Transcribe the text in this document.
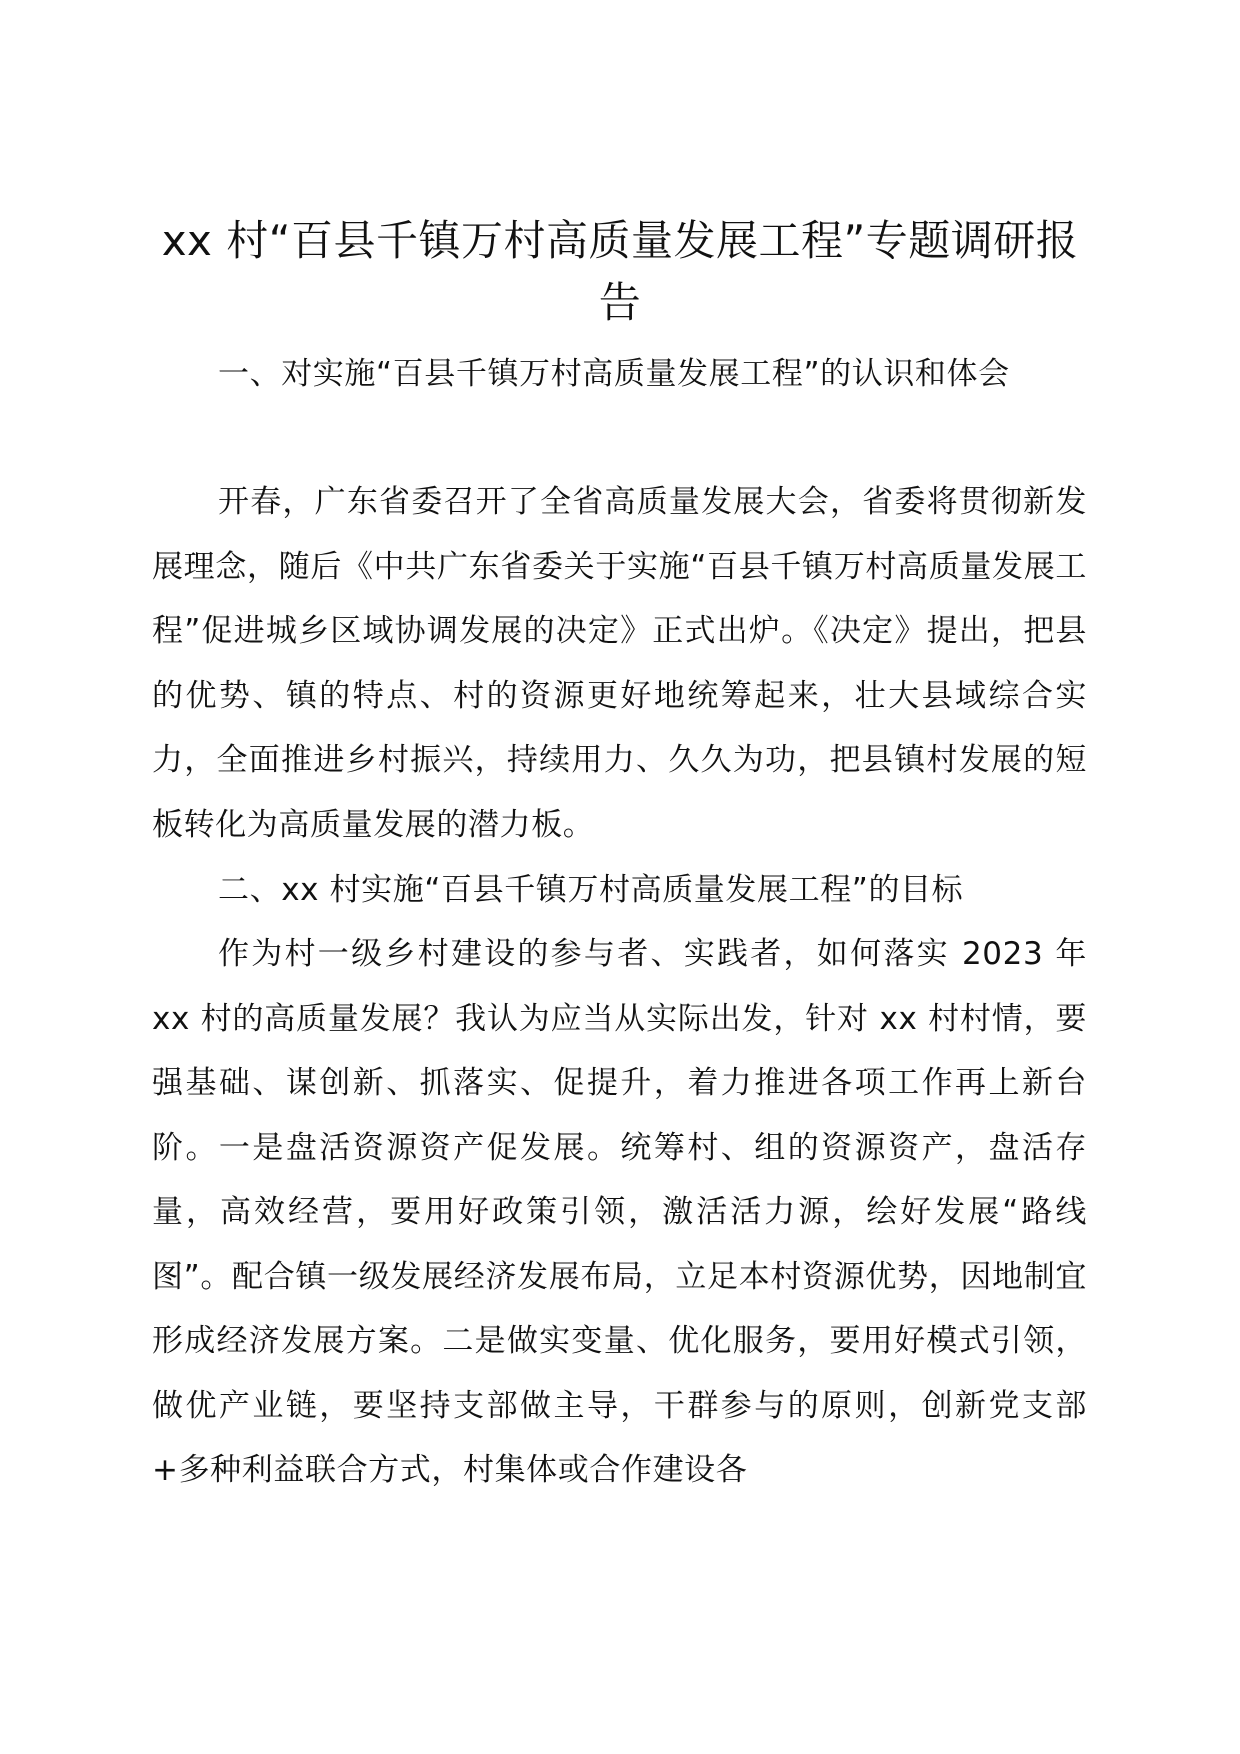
xx 村“百县千镇万村高质量发展工程”专题调研报告
一、对实施“百县千镇万村高质量发展工程”的认识和体会
开春，广东省委召开了全省高质量发展大会，省委将贯彻新发展理念，随后《中共广东省委关于实施“百县千镇万村高质量发展工程”促进城乡区域协调发展的决定》正式出炉。《决定》提出，把县的优势、镇的特点、村的资源更好地统筹起来，壮大县域综合实力，全面推进乡村振兴，持续用力、久久为功，把县镇村发展的短板转化为高质量发展的潜力板。
二、xx 村实施“百县千镇万村高质量发展工程”的目标
作为村一级乡村建设的参与者、实践者，如何落实 2023 年 xx 村的高质量发展？我认为应当从实际出发，针对 xx 村村情，要强基础、谋创新、抓落实、促提升，着力推进各项工作再上新台阶。一是盘活资源资产促发展。统筹村、组的资源资产，盘活存量，高效经营，要用好政策引领，激活活力源，绘好发展“路线图”。配合镇一级发展经济发展布局，立足本村资源优势，因地制宜形成经济发展方案。二是做实变量、优化服务，要用好模式引领，做优产业链，要坚持支部做主导，干群参与的原则，创新党支部+多种利益联合方式，村集体或合作建设各
